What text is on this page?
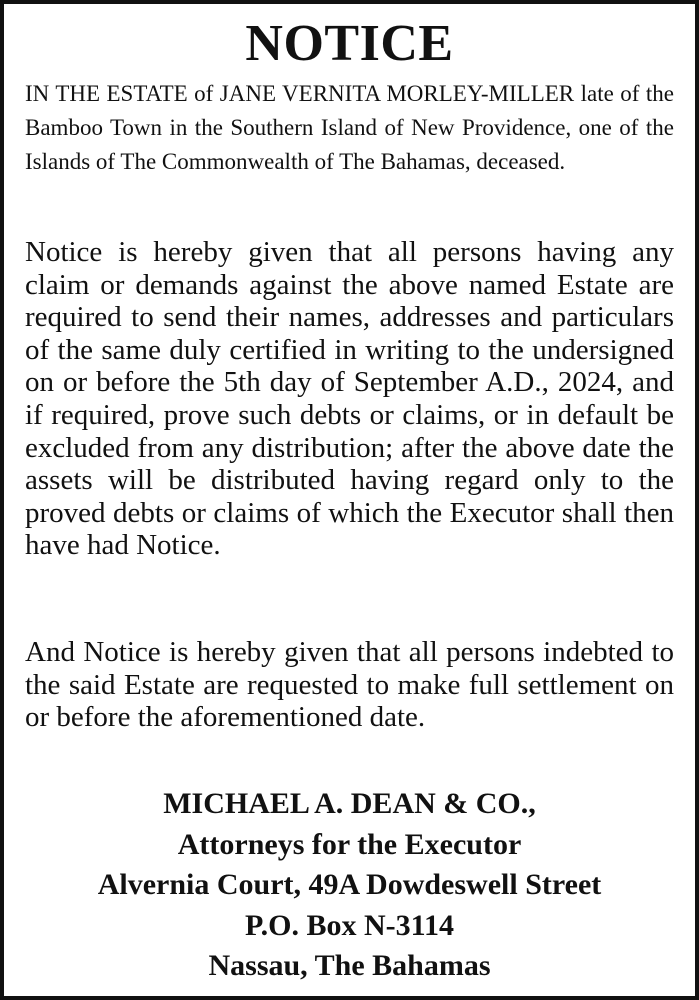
NOTICE
IN THE ESTATE of JANE VERNITA MORLEY-MILLER late of the Bamboo Town in the Southern Island of New Providence, one of the Islands of The Commonwealth of The Bahamas, deceased.
Notice is hereby given that all persons having any claim or demands against the above named Estate are required to send their names, addresses and particulars of the same duly certified in writing to the undersigned on or before the 5th day of September A.D., 2024, and if required, prove such debts or claims, or in default be excluded from any distribution; after the above date the assets will be distributed having regard only to the proved debts or claims of which the Executor shall then have had Notice.
And Notice is hereby given that all persons indebted to the said Estate are requested to make full settlement on or before the aforementioned date.
MICHAEL A. DEAN & CO.,
Attorneys for the Executor
Alvernia Court, 49A Dowdeswell Street
P.O. Box N-3114
Nassau, The Bahamas
